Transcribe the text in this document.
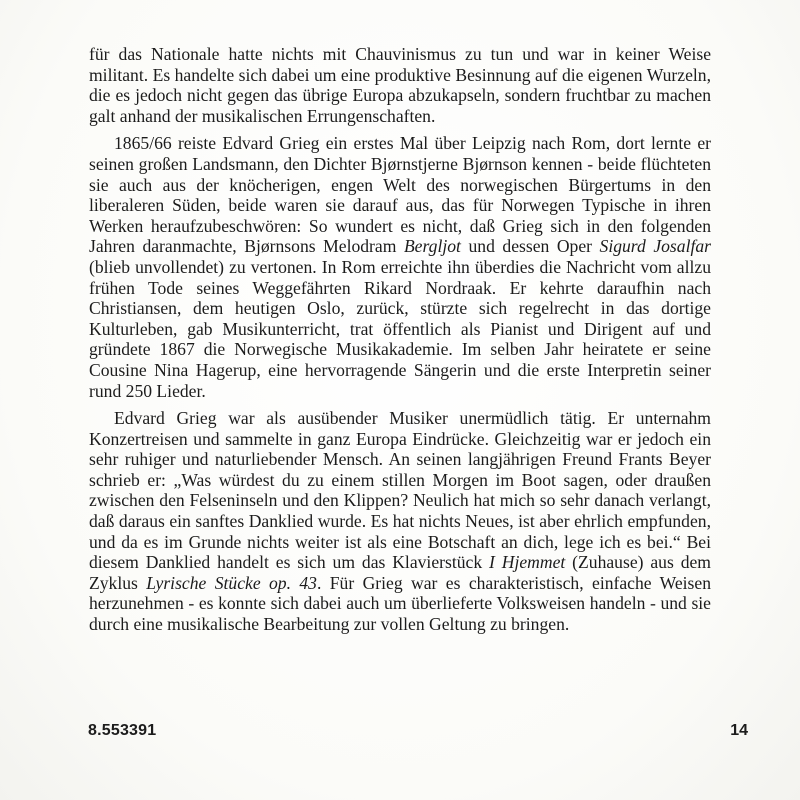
für das Nationale hatte nichts mit Chauvinismus zu tun und war in keiner Weise militant. Es handelte sich dabei um eine produktive Besinnung auf die eigenen Wurzeln, die es jedoch nicht gegen das übrige Europa abzukapseln, sondern fruchtbar zu machen galt anhand der musikalischen Errungenschaften.

1865/66 reiste Edvard Grieg ein erstes Mal über Leipzig nach Rom, dort lernte er seinen großen Landsmann, den Dichter Bjørnstjerne Bjørnson kennen - beide flüchteten sie auch aus der knöcherigen, engen Welt des norwegischen Bürgertums in den liberaleren Süden, beide waren sie darauf aus, das für Norwegen Typische in ihren Werken heraufzubeschwören: So wundert es nicht, daß Grieg sich in den folgenden Jahren daranmachte, Bjørnsons Melodram Bergljot und dessen Oper Sigurd Josalfar (blieb unvollendet) zu vertonen. In Rom erreichte ihn überdies die Nachricht vom allzu frühen Tode seines Weggefährten Rikard Nordraak. Er kehrte daraufhin nach Christiansen, dem heutigen Oslo, zurück, stürzte sich regelrecht in das dortige Kulturleben, gab Musikunterricht, trat öffentlich als Pianist und Dirigent auf und gründete 1867 die Norwegische Musikakademie. Im selben Jahr heiratete er seine Cousine Nina Hagerup, eine hervorragende Sängerin und die erste Interpretin seiner rund 250 Lieder.

Edvard Grieg war als ausübender Musiker unermüdlich tätig. Er unternahm Konzertreisen und sammelte in ganz Europa Eindrücke. Gleichzeitig war er jedoch ein sehr ruhiger und naturliebender Mensch. An seinen langjährigen Freund Frants Beyer schrieb er: „Was würdest du zu einem stillen Morgen im Boot sagen, oder draußen zwischen den Felseninseln und den Klippen? Neulich hat mich so sehr danach verlangt, daß daraus ein sanftes Danklied wurde. Es hat nichts Neues, ist aber ehrlich empfunden, und da es im Grunde nichts weiter ist als eine Botschaft an dich, lege ich es bei.“ Bei diesem Danklied handelt es sich um das Klavierstück I Hjemmet (Zuhause) aus dem Zyklus Lyrische Stücke op. 43. Für Grieg war es charakteristisch, einfache Weisen herzunehmen - es konnte sich dabei auch um überlieferte Volksweisen handeln - und sie durch eine musikalische Bearbeitung zur vollen Geltung zu bringen.

8.553391	14
